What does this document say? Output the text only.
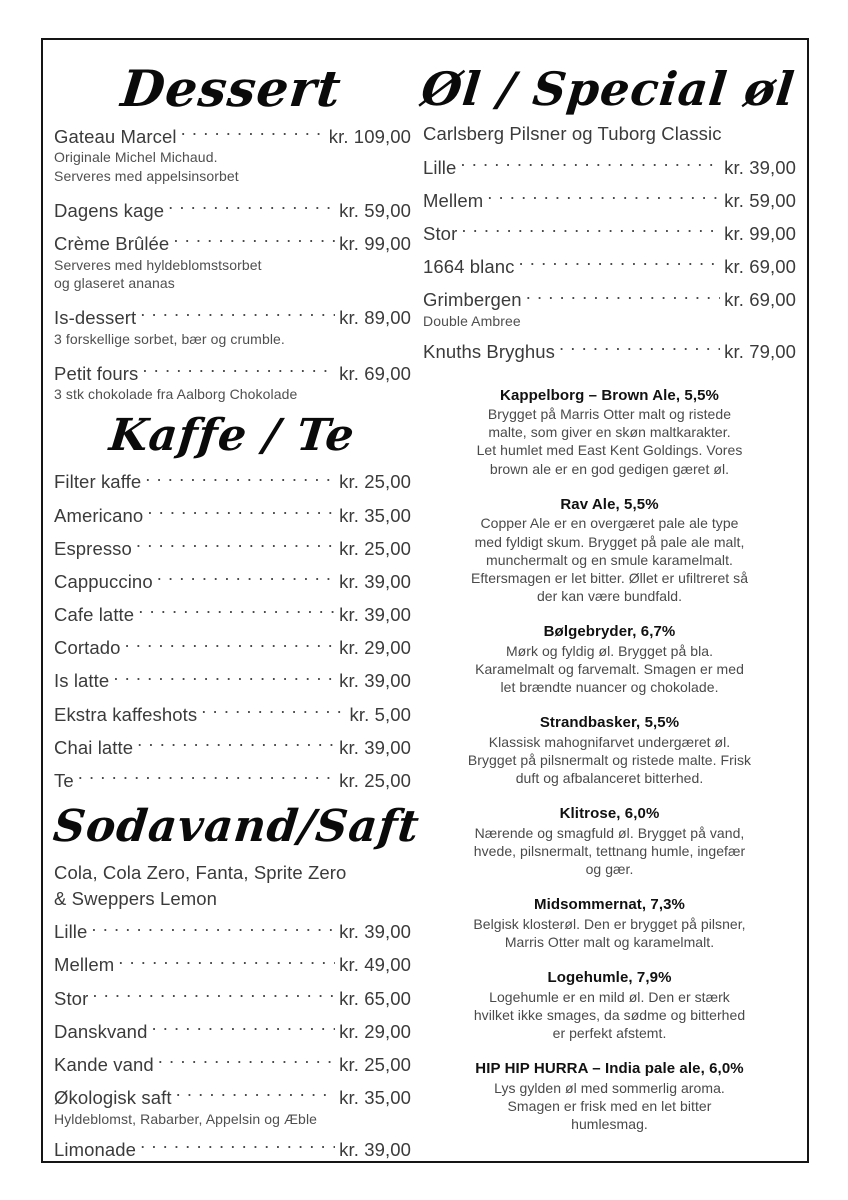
Dessert
Gateau Marcel . . .	kr. 109,00
Originale Michel Michaud.
Serveres med appelsinsorbet
Dagens kage . . .	kr. 59,00
Crème Brûlée . . .	kr. 99,00
Serveres med hyldeblomstsorbet
og glaseret ananas
Is-dessert . . .	kr. 89,00
3 forskellige sorbet, bær og crumble.
Petit fours . . .	kr. 69,00
3 stk chokolade fra Aalborg Chokolade
Kaffe / Te
Filter kaffe . . .	kr. 25,00
Americano . . .	kr. 35,00
Espresso . . .	kr. 25,00
Cappuccino . . .	kr. 39,00
Cafe latte . . .	kr. 39,00
Cortado . . .	kr. 29,00
Is latte . . .	kr. 39,00
Ekstra kaffeshots . . .	kr. 5,00
Chai latte . . .	kr. 39,00
Te . . .	kr. 25,00
Sodavand/Saft
Cola, Cola Zero, Fanta, Sprite Zero
& Sweppers Lemon
Lille . . .	kr. 39,00
Mellem . . .	kr. 49,00
Stor . . .	kr. 65,00
Danskvand . . .	kr. 29,00
Kande vand . . .	kr. 25,00
Økologisk saft . . .	kr. 35,00
Hyldeblomst, Rabarber, Appelsin og Æble
Limonade . . .	kr. 39,00
Øl / Special øl
Carlsberg Pilsner og Tuborg Classic
Lille . . .	kr. 39,00
Mellem . . .	kr. 59,00
Stor . . .	kr. 99,00
1664 blanc . . .	kr. 69,00
Grimbergen . . .	kr. 69,00
Double Ambree
Knuths Bryghus . . .	kr. 79,00
Kappelborg – Brown Ale, 5,5%
Brygget på Marris Otter malt og ristede
malte, som giver en skøn maltkarakter.
Let humlet med East Kent Goldings. Vores
brown ale er en god gedigen gæret øl.
Rav Ale, 5,5%
Copper Ale er en overgæret pale ale type
med fyldigt skum. Brygget på pale ale malt,
munchermalt og en smule karamelmalt.
Eftersmagen er let bitter. Øllet er ufiltreret så
der kan være bundfald.
Bølgebryder, 6,7%
Mørk og fyldig øl. Brygget på bla.
Karamelmalt og farvemalt. Smagen er med
let brændte nuancer og chokolade.
Strandbasker, 5,5%
Klassisk mahognifarvet undergæret øl.
Brygget på pilsnermalt og ristede malte. Frisk
duft og afbalanceret bitterhed.
Klitrose, 6,0%
Nærende og smagfuld øl. Brygget på vand,
hvede, pilsnermalt, tettnang humle, ingefær
og gær.
Midsommernat, 7,3%
Belgisk klosterøl. Den er brygget på pilsner,
Marris Otter malt og karamelmalt.
Logehumle, 7,9%
Logehumle er en mild øl. Den er stærk
hvilket ikke smages, da sødme og bitterhed
er perfekt afstemt.
HIP HIP HURRA – India pale ale, 6,0%
Lys gylden øl med sommerlig aroma.
Smagen er frisk med en let bitter
humlesmag.
